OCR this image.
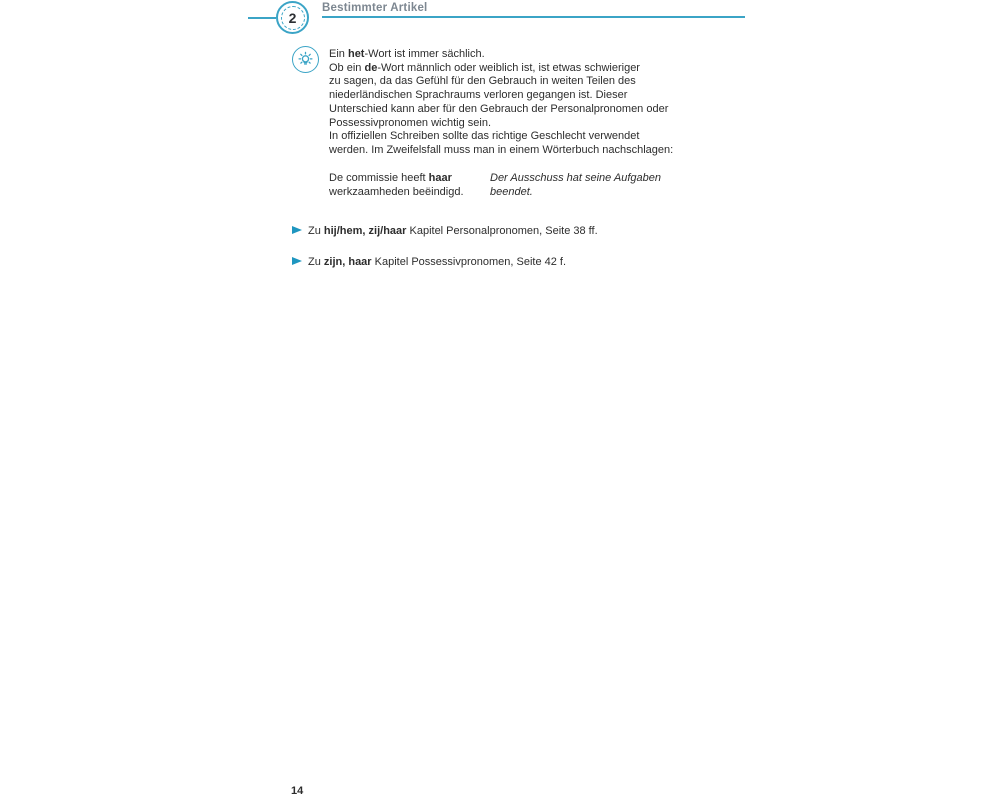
2
Bestimmter Artikel
Ein het-Wort ist immer sächlich.
Ob ein de-Wort männlich oder weiblich ist, ist etwas schwieriger
zu sagen, da das Gefühl für den Gebrauch in weiten Teilen des
niederländischen Sprachraums verloren gegangen ist. Dieser
Unterschied kann aber für den Gebrauch der Personalpronomen oder
Possessivpronomen wichtig sein.
In offiziellen Schreiben sollte das richtige Geschlecht verwendet
werden. Im Zweifelsfall muss man in einem Wörterbuch nachschlagen:
De commissie heeft haar
werkzaamheden beëindigd.
Der Ausschuss hat seine Aufgaben
beendet.
Zu hij/hem, zij/haar Kapitel Personalpronomen, Seite 38 ff.
Zu zijn, haar Kapitel Possessivpronomen, Seite 42 f.
14
